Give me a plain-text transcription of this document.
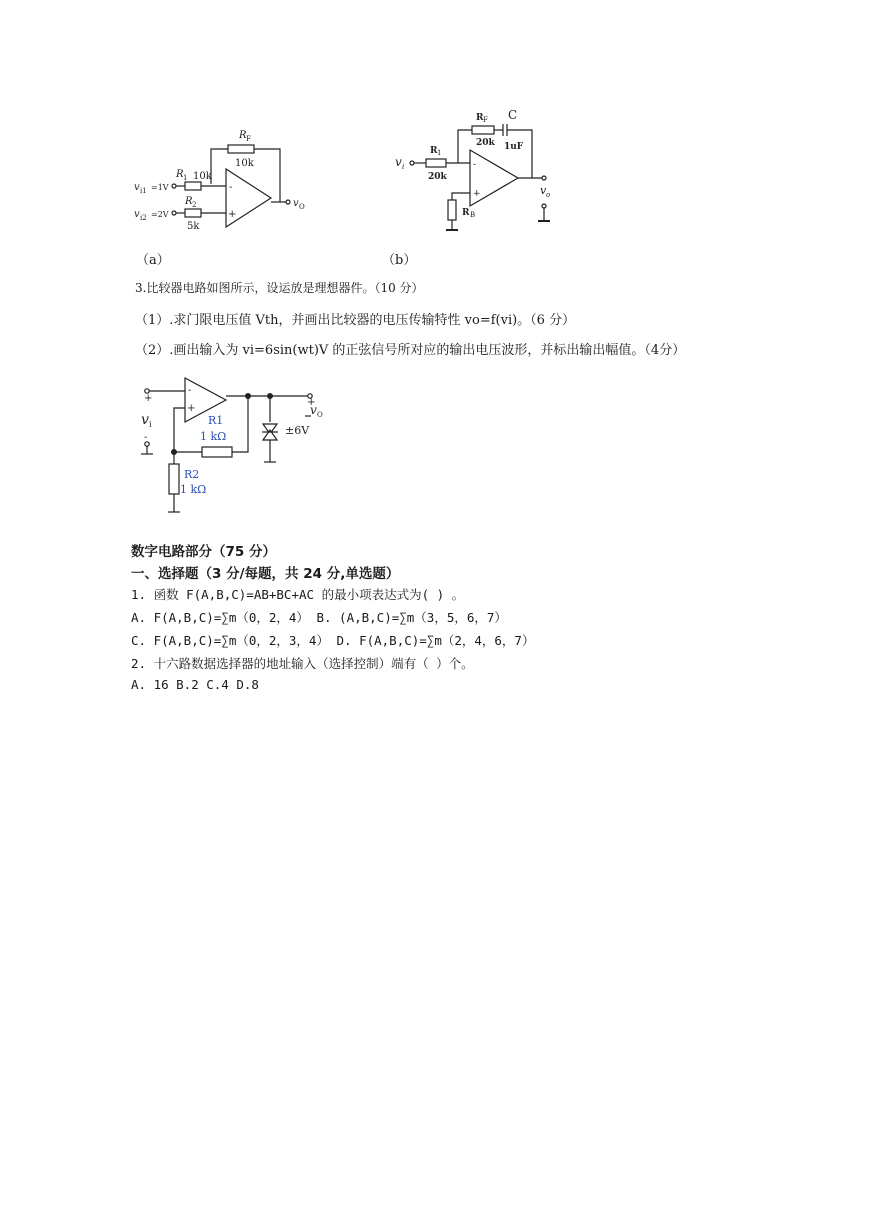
R F
10k
R 1 10k
R 2
5k
v i1 =1V
v i2 =2V
v O
-
+
（a）
R F
20k
C
1uF
R 1
20k
R B
v i
v o
-
+
（b）
3.比较器电路如图所示，设运放是理想器件。（10 分）
（1）.求门限电压值 Vth，并画出比较器的电压传输特性 vo=f(vi)。（6 分）
（2）.画出输入为 vi=6sin(wt)V 的正弦信号所对应的输出电压波形，并标出输出幅值。（4分）
-
+
+
v i
-
+
v O
±6V
R1
1 kΩ
R2
1 kΩ
数字电路部分（75 分）
一、选择题（3 分/每题，共 24 分,单选题）
1. 函数 F(A,B,C)=AB+BC+AC 的最小项表达式为( ) 。
A. F(A,B,C)=∑m（0，2，4） B. (A,B,C)=∑m（3，5，6，7）
C. F(A,B,C)=∑m（0，2，3，4） D. F(A,B,C)=∑m（2，4，6，7）
2. 十六路数据选择器的地址输入（选择控制）端有（ ）个。
A. 16 B.2 C.4 D.8
